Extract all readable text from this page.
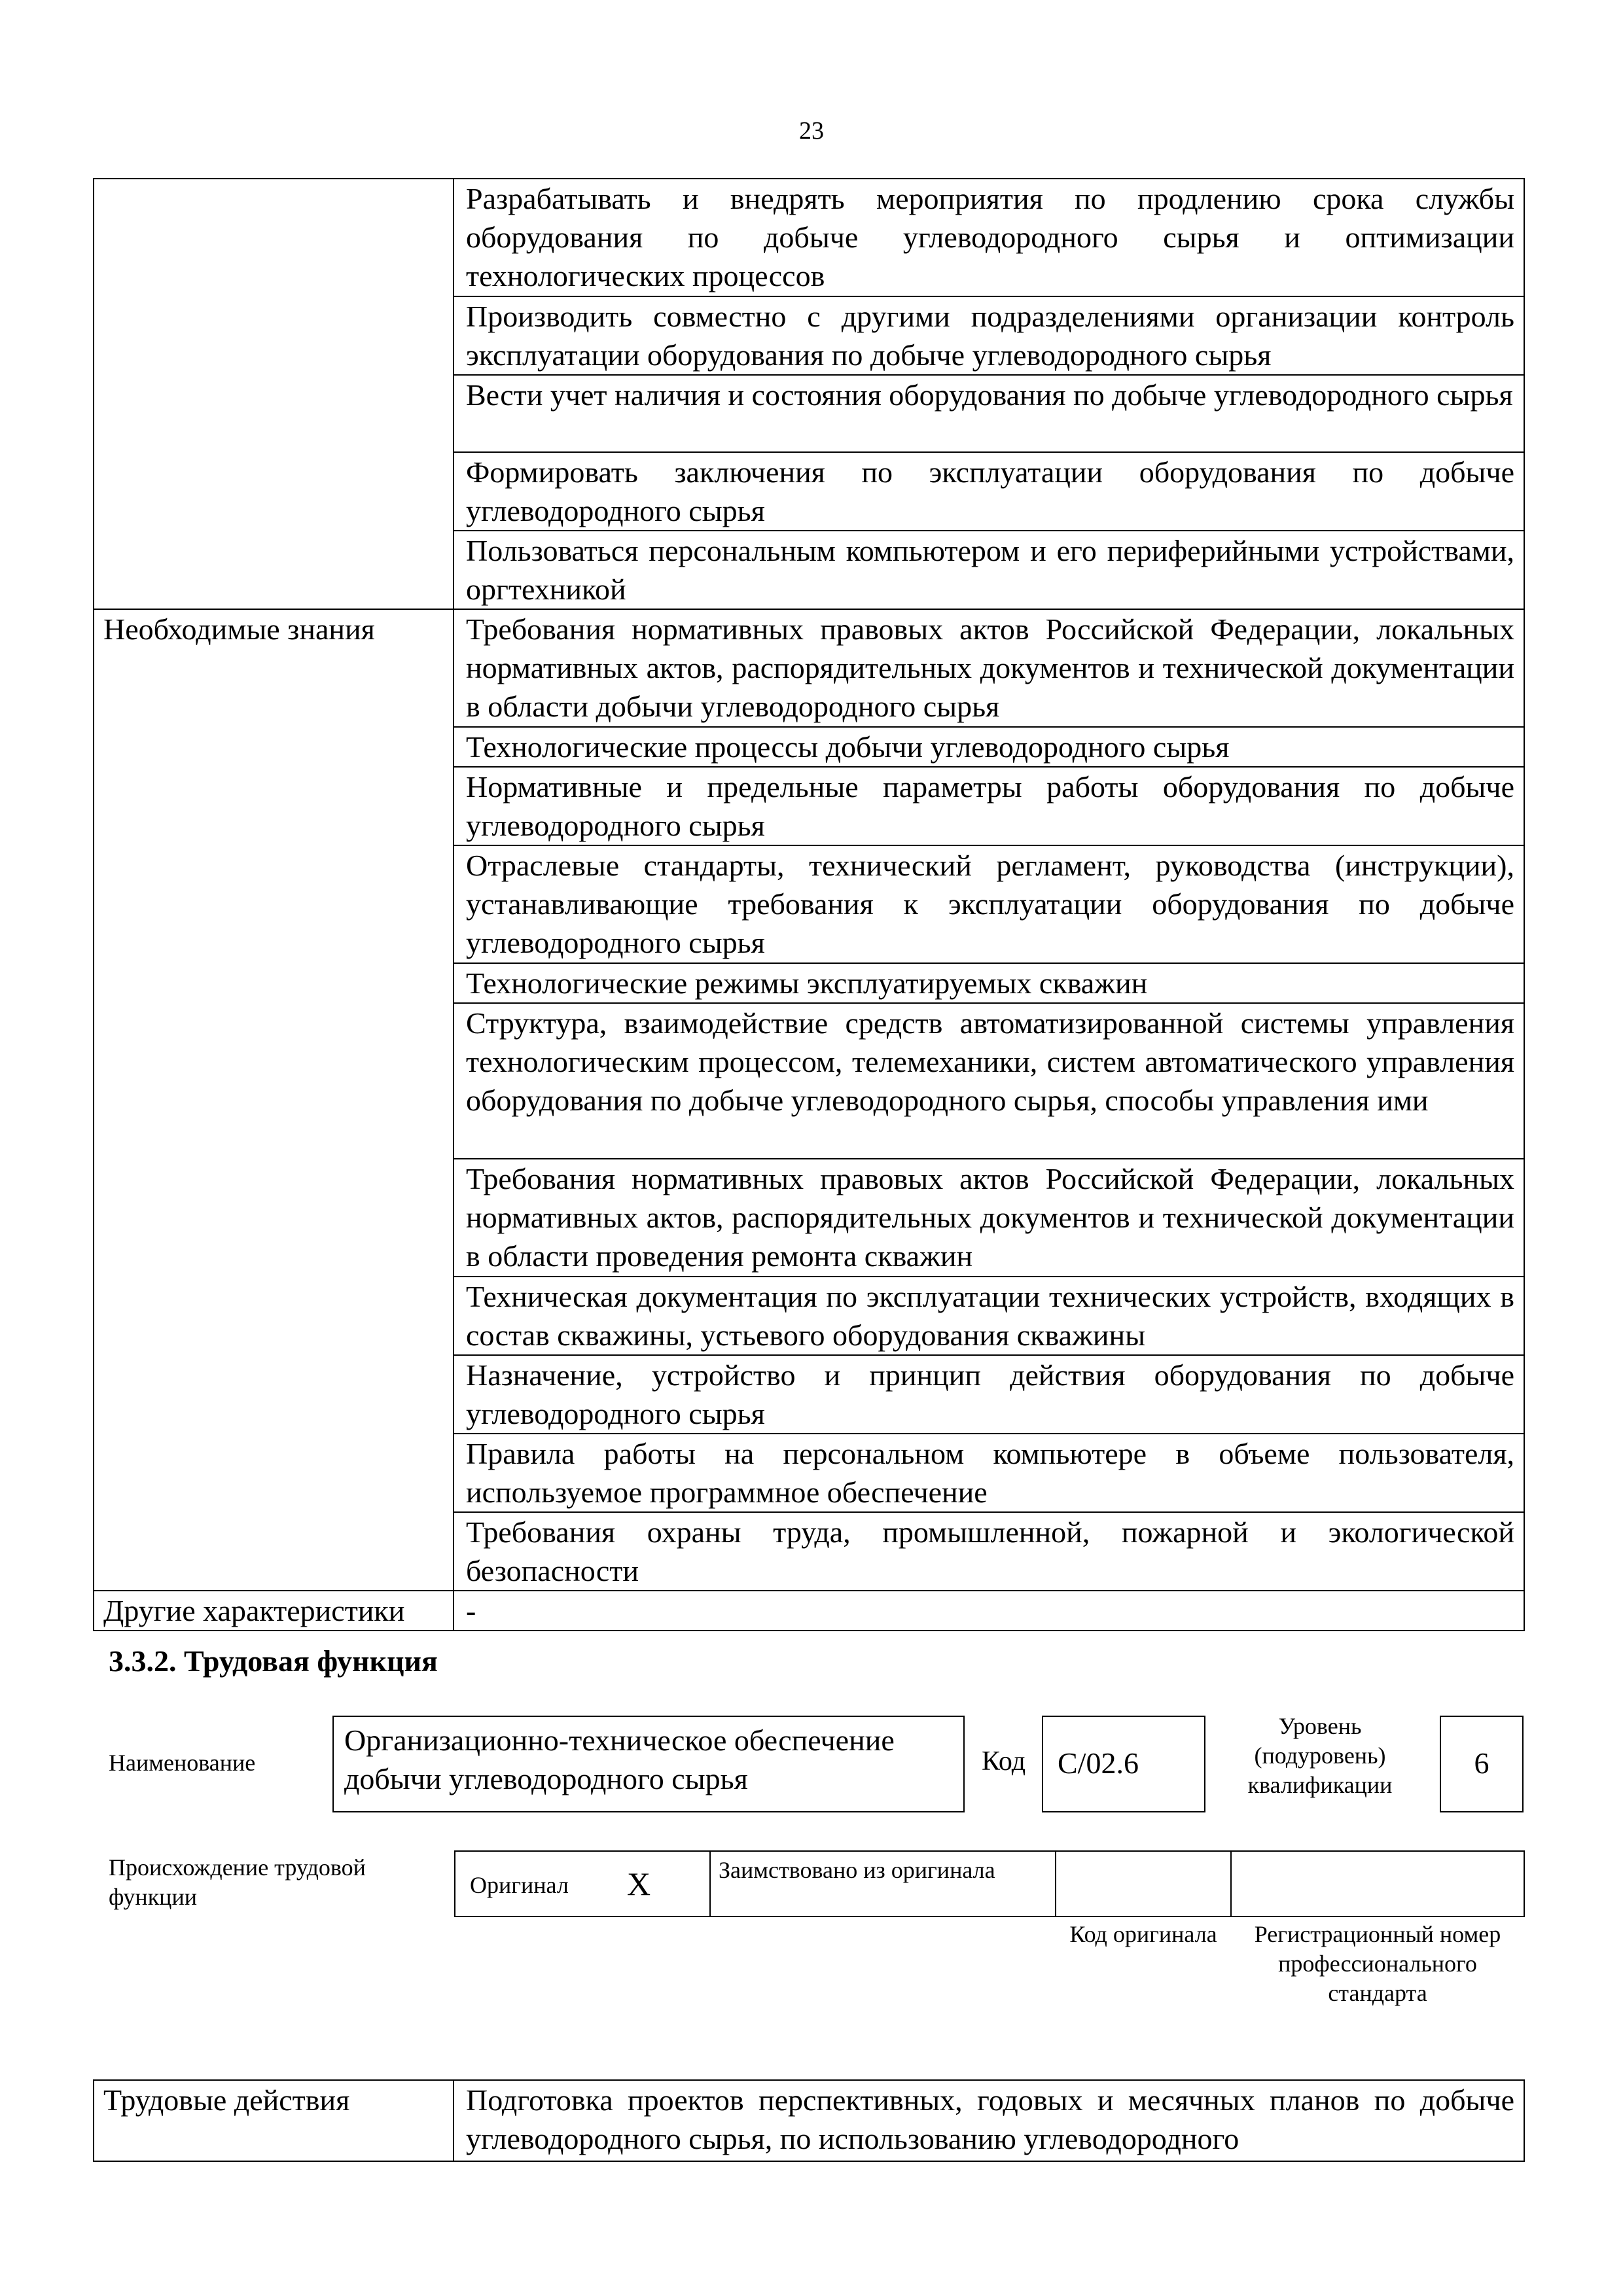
23
	Разрабатывать и внедрять мероприятия по продлению срока службы оборудования по добыче углеводородного сырья и оптимизации технологических процессов
	Производить совместно с другими подразделениями организации контроль эксплуатации оборудования по добыче углеводородного сырья
	Вести учет наличия и состояния оборудования по добыче углеводородного сырья
	Формировать заключения по эксплуатации оборудования по добыче углеводородного сырья
	Пользоваться персональным компьютером и его периферийными устройствами, оргтехникой
Необходимые знания	Требования нормативных правовых актов Российской Федерации, локальных нормативных актов, распорядительных документов и технической документации в области добычи углеводородного сырья
	Технологические процессы добычи углеводородного сырья
	Нормативные и предельные параметры работы оборудования по добыче углеводородного сырья
	Отраслевые стандарты, технический регламент, руководства (инструкции), устанавливающие требования к эксплуатации оборудования по добыче углеводородного сырья
	Технологические режимы эксплуатируемых скважин
	Структура, взаимодействие средств автоматизированной системы управления технологическим процессом, телемеханики, систем автоматического управления оборудования по добыче углеводородного сырья, способы управления ими
	Требования нормативных правовых актов Российской Федерации, локальных нормативных актов, распорядительных документов и технической документации в области проведения ремонта скважин
	Техническая документация по эксплуатации технических устройств, входящих в состав скважины, устьевого оборудования скважины
	Назначение, устройство и принцип действия оборудования по добыче углеводородного сырья
	Правила работы на персональном компьютере в объеме пользователя, используемое программное обеспечение
	Требования охраны труда, промышленной, пожарной и экологической безопасности
Другие характеристики	-
3.3.2. Трудовая функция
Наименование
Организационно-техническое обеспечение добычи углеводородного сырья
Код C/02.6
Уровень (подуровень) квалификации
6
Происхождение трудовой функции	Оригинал X	Заимствовано из оригинала
Код оригинала	Регистрационный номер профессионального стандарта
Трудовые действия	Подготовка проектов перспективных, годовых и месячных планов по добыче углеводородного сырья, по использованию углеводородного
